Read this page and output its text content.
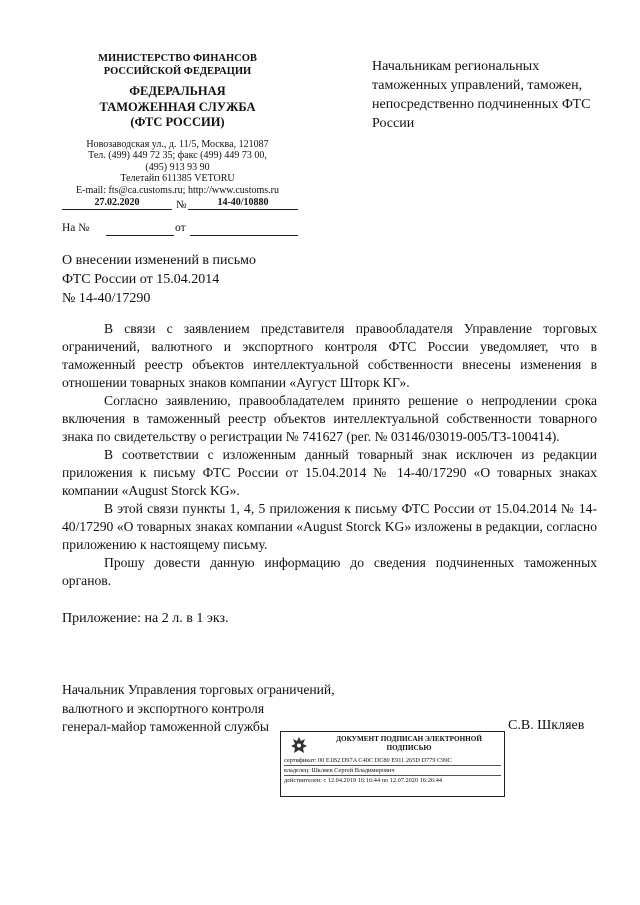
МИНИСТЕРСТВО ФИНАНСОВ
РОССИЙСКОЙ ФЕДЕРАЦИИ
ФЕДЕРАЛЬНАЯ
ТАМОЖЕННАЯ СЛУЖБА
(ФТС РОССИИ)
Новозаводская ул., д. 11/5, Москва, 121087
Тел. (499) 449 72 35; факс (499) 449 73 00,
(495) 913 93 90
Телетайп 611385 VETORU
E-mail: fts@ca.customs.ru; http://www.customs.ru
27.02.2020	№	14-40/10880
На №	от
Начальникам региональных таможенных управлений, таможен, непосредственно подчиненных ФТС России
О внесении изменений в письмо
ФТС России от 15.04.2014
№ 14-40/17290

В связи с заявлением представителя правообладателя Управление торговых ограничений, валютного и экспортного контроля ФТС России уведомляет, что в таможенный реестр объектов интеллектуальной собственности внесены изменения в отношении товарных знаков компании «Аугуст Шторк КГ».

Согласно заявлению, правообладателем принято решение о непродлении срока включения в таможенный реестр объектов интеллектуальной собственности товарного знака по свидетельству о регистрации № 741627 (рег. № 03146/03019-005/ТЗ-100414).

В соответствии с изложенным данный товарный знак исключен из редакции приложения к письму ФТС России от 15.04.2014 № 14-40/17290 «О товарных знаках компании «August Storck KG».

В этой связи пункты 1, 4, 5 приложения к письму ФТС России от 15.04.2014 № 14-40/17290 «О товарных знаках компании «August Storck KG» изложены в редакции, согласно приложению к настоящему письму.

Прошу довести данную информацию до сведения подчиненных таможенных органов.

Приложение: на 2 л. в 1 экз.
Начальник Управления торговых ограничений,
валютного и экспортного контроля
генерал-майор таможенной службы	С.В. Шкляев
ДОКУМЕНТ ПОДПИСАН ЭЛЕКТРОННОЙ ПОДПИСЬЮ
сертификат: 00 E1B2 D97A C40C DC80 E911 265D D779 C99C
владелец: Шкляев Сергей Владимирович
действителен: с 12.04.2019 16:16:44 по 12.07.2020 16:26:44
